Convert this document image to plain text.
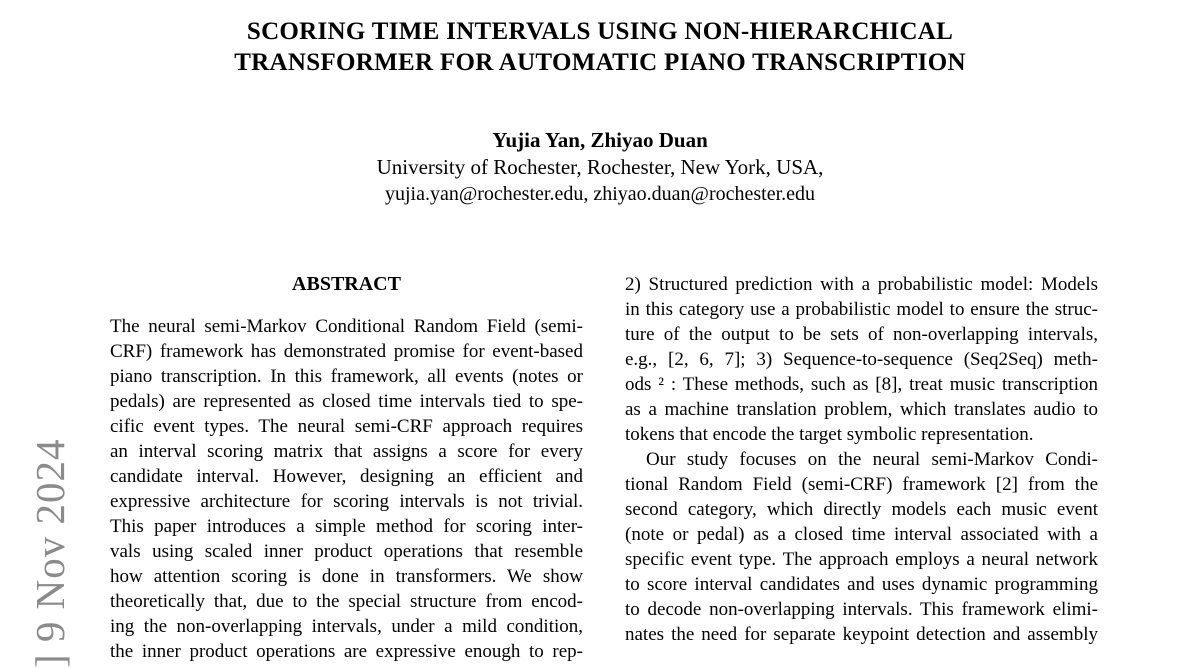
] 9 Nov 2024
SCORING TIME INTERVALS USING NON-HIERARCHICAL
TRANSFORMER FOR AUTOMATIC PIANO TRANSCRIPTION
Yujia Yan, Zhiyao Duan
University of Rochester, Rochester, New York, USA,
yujia.yan@rochester.edu, zhiyao.duan@rochester.edu
ABSTRACT
The neural semi-Markov Conditional Random Field (semi-
CRF) framework has demonstrated promise for event-based
piano transcription. In this framework, all events (notes or
pedals) are represented as closed time intervals tied to spe-
cific event types. The neural semi-CRF approach requires
an interval scoring matrix that assigns a score for every
candidate interval. However, designing an efficient and
expressive architecture for scoring intervals is not trivial.
This paper introduces a simple method for scoring inter-
vals using scaled inner product operations that resemble
how attention scoring is done in transformers. We show
theoretically that, due to the special structure from encod-
ing the non-overlapping intervals, under a mild condition,
the inner product operations are expressive enough to rep-
2) Structured prediction with a probabilistic model: Models
in this category use a probabilistic model to ensure the struc-
ture of the output to be sets of non-overlapping intervals,
e.g., [2, 6, 7]; 3) Sequence-to-sequence (Seq2Seq) meth-
ods ² : These methods, such as [8], treat music transcription
as a machine translation problem, which translates audio to
tokens that encode the target symbolic representation.
Our study focuses on the neural semi-Markov Condi-
tional Random Field (semi-CRF) framework [2] from the
second category, which directly models each music event
(note or pedal) as a closed time interval associated with a
specific event type. The approach employs a neural network
to score interval candidates and uses dynamic programming
to decode non-overlapping intervals. This framework elimi-
nates the need for separate keypoint detection and assembly
